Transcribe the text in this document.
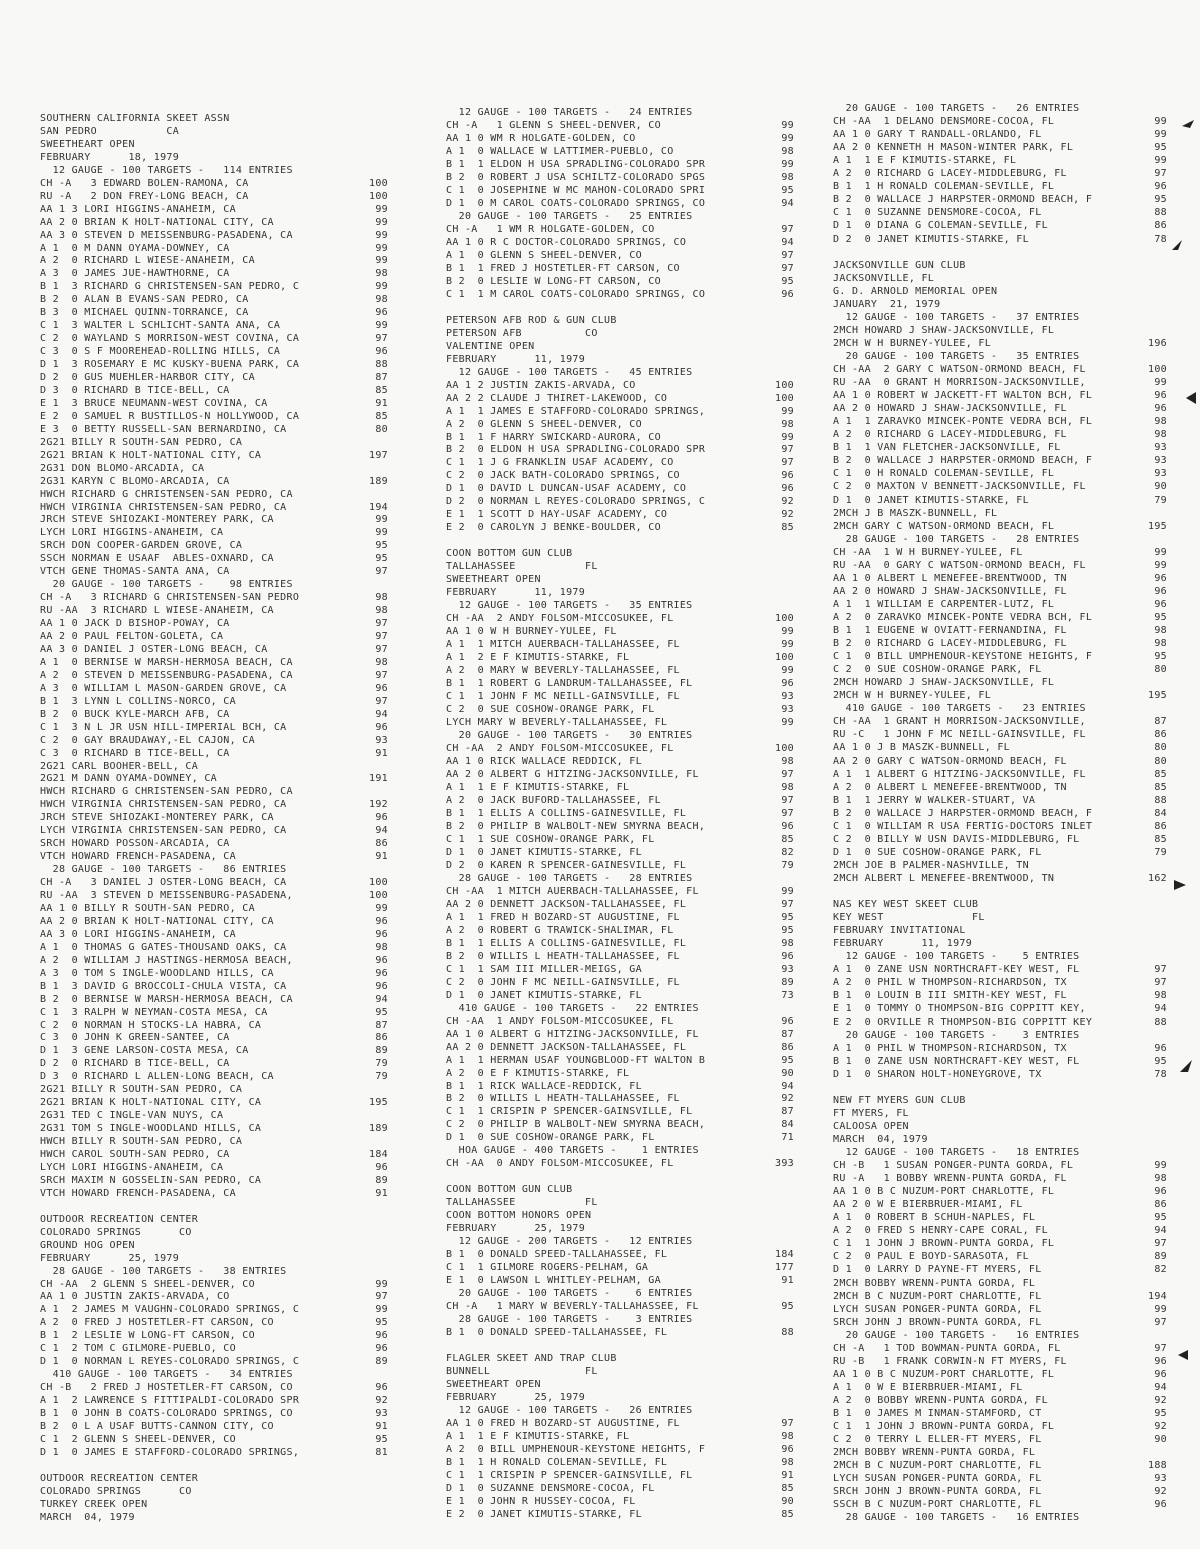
SOUTHERN CALIFORNIA SKEET ASSN
SAN PEDRO           CA
SWEETHEART OPEN
FEBRUARY      18, 1979
12 GAUGE - 100 TARGETS -   114 ENTRIES
CH -A   3 EDWARD BOLEN-RAMONA, CA	100
RU -A   2 DON FREY-LONG BEACH, CA	100
AA 1 3 LORI HIGGINS-ANAHEIM, CA	99
AA 2 0 BRIAN K HOLT-NATIONAL CITY, CA	99
AA 3 0 STEVEN D MEISSENBURG-PASADENA, CA	99
A 1  0 M DANN OYAMA-DOWNEY, CA	99
A 2  0 RICHARD L WIESE-ANAHEIM, CA	99
A 3  0 JAMES JUE-HAWTHORNE, CA	98
B 1  3 RICHARD G CHRISTENSEN-SAN PEDRO, C	99
B 2  0 ALAN B EVANS-SAN PEDRO, CA	98
B 3  0 MICHAEL QUINN-TORRANCE, CA	96
C 1  3 WALTER L SCHLICHT-SANTA ANA, CA	99
C 2  0 WAYLAND S MORRISON-WEST COVINA, CA	97
C 3  0 S F MOOREHEAD-ROLLING HILLS, CA	96
D 1  3 ROSEMARY E MC KUSKY-BUENA PARK, CA	88
D 2  0 GUS MUEHLER-HARBOR CITY, CA	87
D 3  0 RICHARD B TICE-BELL, CA	85
E 1  3 BRUCE NEUMANN-WEST COVINA, CA	91
E 2  0 SAMUEL R BUSTILLOS-N HOLLYWOOD, CA	85
E 3  0 BETTY RUSSELL-SAN BERNARDINO, CA	80
2G21 BILLY R SOUTH-SAN PEDRO, CA
2G21 BRIAN K HOLT-NATIONAL CITY, CA	197
2G31 DON BLOMO-ARCADIA, CA
2G31 KARYN C BLOMO-ARCADIA, CA	189
HWCH RICHARD G CHRISTENSEN-SAN PEDRO, CA
HWCH VIRGINIA CHRISTENSEN-SAN PEDRO, CA	194
JRCH STEVE SHIOZAKI-MONTEREY PARK, CA	99
LYCH LORI HIGGINS-ANAHEIM, CA	99
SRCH DON COOPER-GARDEN GROVE, CA	95
SSCH NORMAN E USAAF  ABLES-OXNARD, CA	95
VTCH GENE THOMAS-SANTA ANA, CA	97
20 GAUGE - 100 TARGETS -    98 ENTRIES
CH -A   3 RICHARD G CHRISTENSEN-SAN PEDRO	98
RU -AA  3 RICHARD L WIESE-ANAHEIM, CA	98
AA 1 0 JACK D BISHOP-POWAY, CA	97
AA 2 0 PAUL FELTON-GOLETA, CA	97
AA 3 0 DANIEL J OSTER-LONG BEACH, CA	97
A 1  0 BERNISE W MARSH-HERMOSA BEACH, CA	98
A 2  0 STEVEN D MEISSENBURG-PASADENA, CA	97
A 3  0 WILLIAM L MASON-GARDEN GROVE, CA	96
B 1  3 LYNN L COLLINS-NORCO, CA	97
B 2  0 BUCK KYLE-MARCH AFB, CA	94
C 1  3 N L JR USN HILL-IMPERIAL BCH, CA	96
C 2  0 GAY BRAUDAWAY,-EL CAJON, CA	93
C 3  0 RICHARD B TICE-BELL, CA	91
2G21 CARL BOOHER-BELL, CA
2G21 M DANN OYAMA-DOWNEY, CA	191
HWCH RICHARD G CHRISTENSEN-SAN PEDRO, CA
HWCH VIRGINIA CHRISTENSEN-SAN PEDRO, CA	192
JRCH STEVE SHIOZAKI-MONTEREY PARK, CA	96
LYCH VIRGINIA CHRISTENSEN-SAN PEDRO, CA	94
SRCH HOWARD POSSON-ARCADIA, CA	86
VTCH HOWARD FRENCH-PASADENA, CA	91
28 GAUGE - 100 TARGETS -   86 ENTRIES
CH -A   3 DANIEL J OSTER-LONG BEACH, CA	100
RU -AA  3 STEVEN D MEISSENBURG-PASADENA,	100
AA 1 0 BILLY R SOUTH-SAN PEDRO, CA	99
AA 2 0 BRIAN K HOLT-NATIONAL CITY, CA	96
AA 3 0 LORI HIGGINS-ANAHEIM, CA	96
A 1  0 THOMAS G GATES-THOUSAND OAKS, CA	98
A 2  0 WILLIAM J HASTINGS-HERMOSA BEACH,	96
A 3  0 TOM S INGLE-WOODLAND HILLS, CA	96
B 1  3 DAVID G BROCCOLI-CHULA VISTA, CA	96
B 2  0 BERNISE W MARSH-HERMOSA BEACH, CA	94
C 1  3 RALPH W NEYMAN-COSTA MESA, CA	95
C 2  0 NORMAN H STOCKS-LA HABRA, CA	87
C 3  0 JOHN K GREEN-SANTEE, CA	86
D 1  3 GENE LARSON-COSTA MESA, CA	89
D 2  0 RICHARD B TICE-BELL, CA	79
D 3  0 RICHARD L ALLEN-LONG BEACH, CA	79
2G21 BILLY R SOUTH-SAN PEDRO, CA
2G21 BRIAN K HOLT-NATIONAL CITY, CA	195
2G31 TED C INGLE-VAN NUYS, CA
2G31 TOM S INGLE-WOODLAND HILLS, CA	189
HWCH BILLY R SOUTH-SAN PEDRO, CA
HWCH CAROL SOUTH-SAN PEDRO, CA	184
LYCH LORI HIGGINS-ANAHEIM, CA	96
SRCH MAXIM N GOSSELIN-SAN PEDRO, CA	89
VTCH HOWARD FRENCH-PASADENA, CA	91
OUTDOOR RECREATION CENTER
COLORADO SPRINGS      CO
GROUND HOG OPEN
FEBRUARY      25, 1979
28 GAUGE - 100 TARGETS -   38 ENTRIES
CH -AA  2 GLENN S SHEEL-DENVER, CO	99
AA 1 0 JUSTIN ZAKIS-ARVADA, CO	97
A 1  2 JAMES M VAUGHN-COLORADO SPRINGS, C	99
A 2  0 FRED J HOSTETLER-FT CARSON, CO	95
B 1  2 LESLIE W LONG-FT CARSON, CO	96
C 1  2 TOM C GILMORE-PUEBLO, CO	96
D 1  0 NORMAN L REYES-COLORADO SPRINGS, C	89
410 GAUGE - 100 TARGETS -   34 ENTRIES
CH -B   2 FRED J HOSTETLER-FT CARSON, CO	96
A 1  2 LAWRENCE S FITTIPALDI-COLORADO SPR	92
B 1  0 JOHN B COATS-COLORADO SPRINGS, CO	93
B 2  0 L A USAF BUTTS-CANNON CITY, CO	91
C 1  2 GLENN S SHEEL-DENVER, CO	95
D 1  0 JAMES E STAFFORD-COLORADO SPRINGS,	81
OUTDOOR RECREATION CENTER
COLORADO SPRINGS      CO
TURKEY CREEK OPEN
MARCH  04, 1979
12 GAUGE - 100 TARGETS -   24 ENTRIES
CH -A   1 GLENN S SHEEL-DENVER, CO	99
AA 1 0 WM R HOLGATE-GOLDEN, CO	99
A 1  0 WALLACE W LATTIMER-PUEBLO, CO	98
B 1  1 ELDON H USA SPRADLING-COLORADO SPR	99
B 2  0 ROBERT J USA SCHILTZ-COLORADO SPGS	98
C 1  0 JOSEPHINE W MC MAHON-COLORADO SPRI	95
D 1  0 M CAROL COATS-COLORADO SPRINGS, CO	94
20 GAUGE - 100 TARGETS -   25 ENTRIES
CH -A   1 WM R HOLGATE-GOLDEN, CO	97
AA 1 0 R C DOCTOR-COLORADO SPRINGS, CO	94
A 1  0 GLENN S SHEEL-DENVER, CO	97
B 1  1 FRED J HOSTETLER-FT CARSON, CO	97
B 2  0 LESLIE W LONG-FT CARSON, CO	95
C 1  1 M CAROL COATS-COLORADO SPRINGS, CO	96
PETERSON AFB ROD & GUN CLUB
PETERSON AFB          CO
VALENTINE OPEN
FEBRUARY      11, 1979
12 GAUGE - 100 TARGETS -   45 ENTRIES
AA 1 2 JUSTIN ZAKIS-ARVADA, CO	100
AA 2 2 CLAUDE J THIRET-LAKEWOOD, CO	100
A 1  1 JAMES E STAFFORD-COLORADO SPRINGS,	99
A 2  0 GLENN S SHEEL-DENVER, CO	98
B 1  1 F HARRY SWICKARD-AURORA, CO	99
B 2  0 ELDON H USA SPRADLING-COLORADO SPR	97
C 1  1 J G FRANKLIN USAF ACADEMY, CO	97
C 2  0 JACK BATH-COLORADO SPRINGS, CO	96
D 1  0 DAVID L DUNCAN-USAF ACADEMY, CO	96
D 2  0 NORMAN L REYES-COLORADO SPRINGS, C	92
E 1  1 SCOTT D HAY-USAF ACADEMY, CO	92
E 2  0 CAROLYN J BENKE-BOULDER, CO	85
COON BOTTOM GUN CLUB
TALLAHASSEE           FL
SWEETHEART OPEN
FEBRUARY      11, 1979
12 GAUGE - 100 TARGETS -   35 ENTRIES
CH -AA  2 ANDY FOLSOM-MICCOSUKEE, FL	100
AA 1 0 W H BURNEY-YULEE, FL	99
A 1  1 MITCH AUERBACH-TALLAHASSEE, FL	99
A 1  2 E F KIMUTIS-STARKE, FL	100
A 2  0 MARY W BEVERLY-TALLAHASSEE, FL	99
B 1  1 ROBERT G LANDRUM-TALLAHASSEE, FL	96
C 1  1 JOHN F MC NEILL-GAINSVILLE, FL	93
C 2  0 SUE COSHOW-ORANGE PARK, FL	93
LYCH MARY W BEVERLY-TALLAHASSEE, FL	99
20 GAUGE - 100 TARGETS -   30 ENTRIES
CH -AA  2 ANDY FOLSOM-MICCOSUKEE, FL	100
AA 1 0 RICK WALLACE REDDICK, FL	98
AA 2 0 ALBERT G HITZING-JACKSONVILLE, FL	97
A 1  1 E F KIMUTIS-STARKE, FL	98
A 2  0 JACK BUFORD-TALLAHASSEE, FL	97
B 1  1 ELLIS A COLLINS-GAINESVILLE, FL	97
B 2  0 PHILIP B WALBOLT-NEW SMYRNA BEACH,	96
C 1  1 SUE COSHOW-ORANGE PARK, FL	85
D 1  0 JANET KIMUTIS-STARKE, FL	82
D 2  0 KAREN R SPENCER-GAINESVILLE, FL	79
28 GAUGE - 100 TARGETS -   28 ENTRIES
CH -AA  1 MITCH AUERBACH-TALLAHASSEE, FL	99
AA 2 0 DENNETT JACKSON-TALLAHASSEE, FL	97
A 1  1 FRED H BOZARD-ST AUGUSTINE, FL	95
A 2  0 ROBERT G TRAWICK-SHALIMAR, FL	95
B 1  1 ELLIS A COLLINS-GAINESVILLE, FL	98
B 2  0 WILLIS L HEATH-TALLAHASSEE, FL	96
C 1  1 SAM III MILLER-MEIGS, GA	93
C 2  0 JOHN F MC NEILL-GAINSVILLE, FL	89
D 1  0 JANET KIMUTIS-STARKE, FL	73
410 GAUGE - 100 TARGETS -   22 ENTRIES
CH -AA  1 ANDY FOLSOM-MICCOSUKEE, FL	96
AA 1 0 ALBERT G HITZING-JACKSONVILLE, FL	87
AA 2 0 DENNETT JACKSON-TALLAHASSEE, FL	86
A 1  1 HERMAN USAF YOUNGBLOOD-FT WALTON B	95
A 2  0 E F KIMUTIS-STARKE, FL	90
B 1  1 RICK WALLACE-REDDICK, FL	94
B 2  0 WILLIS L HEATH-TALLAHASSEE, FL	92
C 1  1 CRISPIN P SPENCER-GAINSVILLE, FL	87
C 2  0 PHILIP B WALBOLT-NEW SMYRNA BEACH,	84
D 1  0 SUE COSHOW-ORANGE PARK, FL	71
HOA GAUGE - 400 TARGETS -    1 ENTRIES
CH -AA  0 ANDY FOLSOM-MICCOSUKEE, FL	393
COON BOTTOM GUN CLUB
TALLAHASSEE           FL
COON BOTTOM HONORS OPEN
FEBRUARY      25, 1979
12 GAUGE - 200 TARGETS -   12 ENTRIES
B 1  0 DONALD SPEED-TALLAHASSEE, FL	184
C 1  1 GILMORE ROGERS-PELHAM, GA	177
E 1  0 LAWSON L WHITLEY-PELHAM, GA	91
20 GAUGE - 100 TARGETS -    6 ENTRIES
CH -A   1 MARY W BEVERLY-TALLAHASSEE, FL	95
28 GAUGE - 100 TARGETS -    3 ENTRIES
B 1  0 DONALD SPEED-TALLAHASSEE, FL	88
FLAGLER SKEET AND TRAP CLUB
BUNNELL               FL
SWEETHEART OPEN
FEBRUARY      25, 1979
12 GAUGE - 100 TARGETS -   26 ENTRIES
AA 1 0 FRED H BOZARD-ST AUGUSTINE, FL	97
A 1  1 E F KIMUTIS-STARKE, FL	98
A 2  0 BILL UMPHENOUR-KEYSTONE HEIGHTS, F	96
B 1  1 H RONALD COLEMAN-SEVILLE, FL	98
C 1  1 CRISPIN P SPENCER-GAINSVILLE, FL	91
D 1  0 SUZANNE DENSMORE-COCOA, FL	85
E 1  0 JOHN R HUSSEY-COCOA, FL	90
E 2  0 JANET KIMUTIS-STARKE, FL	85
20 GAUGE - 100 TARGETS -   26 ENTRIES
CH -AA  1 DELANO DENSMORE-COCOA, FL	99
AA 1 0 GARY T RANDALL-ORLANDO, FL	99
AA 2 0 KENNETH H MASON-WINTER PARK, FL	95
A 1  1 E F KIMUTIS-STARKE, FL	99
A 2  0 RICHARD G LACEY-MIDDLEBURG, FL	97
B 1  1 H RONALD COLEMAN-SEVILLE, FL	96
B 2  0 WALLACE J HARPSTER-ORMOND BEACH, F	95
C 1  0 SUZANNE DENSMORE-COCOA, FL	88
D 1  0 DIANA G COLEMAN-SEVILLE, FL	86
D 2  0 JANET KIMUTIS-STARKE, FL	78
JACKSONVILLE GUN CLUB
JACKSONVILLE, FL
G. D. ARNOLD MEMORIAL OPEN
JANUARY  21, 1979
12 GAUGE - 100 TARGETS -   37 ENTRIES
2MCH HOWARD J SHAW-JACKSONVILLE, FL
2MCH W H BURNEY-YULEE, FL	196
20 GAUGE - 100 TARGETS -   35 ENTRIES
CH -AA  2 GARY C WATSON-ORMOND BEACH, FL	100
RU -AA  0 GRANT H MORRISON-JACKSONVILLE,	99
AA 1 0 ROBERT W JACKETT-FT WALTON BCH, FL	96
AA 2 0 HOWARD J SHAW-JACKSONVILLE, FL	96
A 1  1 ZARAVKO MINCEK-PONTE VEDRA BCH, FL	98
A 2  0 RICHARD G LACEY-MIDDLEBURG, FL	98
B 1  1 VAN FLETCHER-JACKSONVILLE, FL	93
B 2  0 WALLACE J HARPSTER-ORMOND BEACH, F	93
C 1  0 H RONALD COLEMAN-SEVILLE, FL	93
C 2  0 MAXTON V BENNETT-JACKSONVILLE, FL	90
D 1  0 JANET KIMUTIS-STARKE, FL	79
2MCH J B MASZK-BUNNELL, FL
2MCH GARY C WATSON-ORMOND BEACH, FL	195
28 GAUGE - 100 TARGETS -   28 ENTRIES
CH -AA  1 W H BURNEY-YULEE, FL	99
RU -AA  0 GARY C WATSON-ORMOND BEACH, FL	99
AA 1 0 ALBERT L MENEFEE-BRENTWOOD, TN	96
AA 2 0 HOWARD J SHAW-JACKSONVILLE, FL	96
A 1  1 WILLIAM E CARPENTER-LUTZ, FL	96
A 2  0 ZARAVKO MINCEK-PONTE VEDRA BCH, FL	95
B 1  1 EUGENE W OVIATT-FERNANDINA, FL	98
B 2  0 RICHARD G LACEY-MIDDLEBURG, FL	98
C 1  0 BILL UMPHENOUR-KEYSTONE HEIGHTS, F	95
C 2  0 SUE COSHOW-ORANGE PARK, FL	80
2MCH HOWARD J SHAW-JACKSONVILLE, FL
2MCH W H BURNEY-YULEE, FL	195
410 GAUGE - 100 TARGETS -   23 ENTRIES
CH -AA  1 GRANT H MORRISON-JACKSONVILLE,	87
RU -C   1 JOHN F MC NEILL-GAINSVILLE, FL	86
AA 1 0 J B MASZK-BUNNELL, FL	80
AA 2 0 GARY C WATSON-ORMOND BEACH, FL	80
A 1  1 ALBERT G HITZING-JACKSONVILLE, FL	85
A 2  0 ALBERT L MENEFEE-BRENTWOOD, TN	85
B 1  1 JERRY W WALKER-STUART, VA	88
B 2  0 WALLACE J HARPSTER-ORMOND BEACH, F	84
C 1  0 WILLIAM R USA FERTIG-DOCTORS INLET	86
C 2  0 BILLY W USN DAVIS-MIDDLEBURG, FL	85
D 1  0 SUE COSHOW-ORANGE PARK, FL	79
2MCH JOE B PALMER-NASHVILLE, TN
2MCH ALBERT L MENEFEE-BRENTWOOD, TN	162
NAS KEY WEST SKEET CLUB
KEY WEST              FL
FEBRUARY INVITATIONAL
FEBRUARY      11, 1979
12 GAUGE - 100 TARGETS -    5 ENTRIES
A 1  0 ZANE USN NORTHCRAFT-KEY WEST, FL	97
A 2  0 PHIL W THOMPSON-RICHARDSON, TX	97
B 1  0 LOUIN B III SMITH-KEY WEST, FL	98
E 1  0 TOMMY O THOMPSON-BIG COPPITT KEY,	94
E 2  0 ORVILLE R THOMPSON-BIG COPPITT KEY	88
20 GAUGE - 100 TARGETS -    3 ENTRIES
A 1  0 PHIL W THOMPSON-RICHARDSON, TX	96
B 1  0 ZANE USN NORTHCRAFT-KEY WEST, FL	95
D 1  0 SHARON HOLT-HONEYGROVE, TX	78
NEW FT MYERS GUN CLUB
FT MYERS, FL
CALOOSA OPEN
MARCH  04, 1979
12 GAUGE - 100 TARGETS -   18 ENTRIES
CH -B   1 SUSAN PONGER-PUNTA GORDA, FL	99
RU -A   1 BOBBY WRENN-PUNTA GORDA, FL	98
AA 1 0 B C NUZUM-PORT CHARLOTTE, FL	96
AA 2 0 W E BIERBRUER-MIAMI, FL	86
A 1  0 ROBERT B SCHUH-NAPLES, FL	95
A 2  0 FRED S HENRY-CAPE CORAL, FL	94
C 1  1 JOHN J BROWN-PUNTA GORDA, FL	97
C 2  0 PAUL E BOYD-SARASOTA, FL	89
D 1  0 LARRY D PAYNE-FT MYERS, FL	82
2MCH BOBBY WRENN-PUNTA GORDA, FL
2MCH B C NUZUM-PORT CHARLOTTE, FL	194
LYCH SUSAN PONGER-PUNTA GORDA, FL	99
SRCH JOHN J BROWN-PUNTA GORDA, FL	97
20 GAUGE - 100 TARGETS -   16 ENTRIES
CH -A   1 TOD BOWMAN-PUNTA GORDA, FL	97
RU -B   1 FRANK CORWIN-N FT MYERS, FL	96
AA 1 0 B C NUZUM-PORT CHARLOTTE, FL	96
A 1  0 W E BIERBRUER-MIAMI, FL	94
A 2  0 BOBBY WRENN-PUNTA GORDA, FL	92
B 1  0 JAMES M INMAN-STAMFORD, CT	95
C 1  1 JOHN J BROWN-PUNTA GORDA, FL	92
C 2  0 TERRY L ELLER-FT MYERS, FL	90
2MCH BOBBY WRENN-PUNTA GORDA, FL
2MCH B C NUZUM-PORT CHARLOTTE, FL	188
LYCH SUSAN PONGER-PUNTA GORDA, FL	93
SRCH JOHN J BROWN-PUNTA GORDA, FL	92
SSCH B C NUZUM-PORT CHARLOTTE, FL	96
28 GAUGE - 100 TARGETS -   16 ENTRIES
